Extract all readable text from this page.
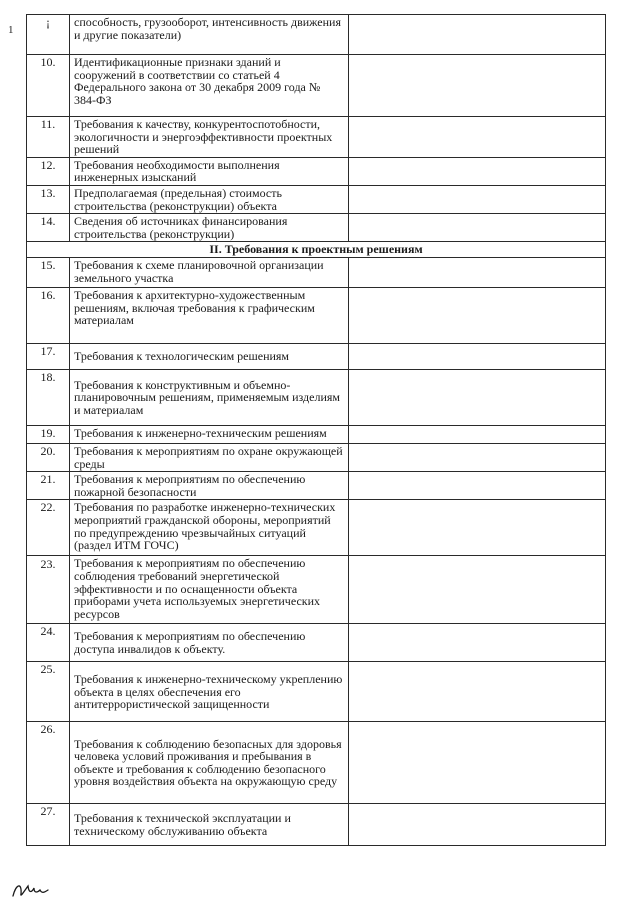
1
¡	способность, грузооборот, интенсивность движения и другие показатели)	
10.	Идентификационные признаки зданий и сооружений в соответствии со статьей 4 Федерального закона от 30 декабря 2009 года № 384-ФЗ	
11.	Требования к качеству, конкурентоспотобности, экологичности и энергоэффективности проектных решений	
12.	Требования необходимости выполнения инженерных изысканий	
13.	Предполагаемая (предельная) стоимость строительства (реконструкции) объекта	
14.	Сведения об источниках финансирования строительства (реконструкции)	
II. Требования к проектным решениям		
15.	Требования к схеме планировочной организации земельного участка	
16.	Требования к архитектурно-художественным решениям, включая требования к графическим материалам	
17.	Требования к технологическим решениям	
18.	Требования к конструктивным и объемно-планировочным решениям, применяемым изделиям и материалам	
19.	Требования к инженерно-техническим решениям	
20.	Требования к мероприятиям по охране окружающей среды	
21.	Требования к мероприятиям по обеспечению пожарной безопасности	
22.	Требования по разработке инженерно-технических мероприятий гражданской обороны, мероприятий по предупреждению чрезвычайных ситуаций (раздел ИТМ ГОЧС)	
23.	Требования к мероприятиям по обеспечению соблюдения требований энергетической эффективности и по оснащенности объекта приборами учета используемых энергетических ресурсов	
24.	Требования к мероприятиям по обеспечению доступа инвалидов к объекту.	
25.	Требования к инженерно-техническому укреплению объекта в целях обеспечения его антитеррористической защищенности	
26.	Требования к соблюдению безопасных для здоровья человека условий проживания и пребывания в объекте и требования к соблюдению безопасного уровня воздействия объекта на окружающую среду	
27.	Требования к технической эксплуатации и техническому обслуживанию объекта	
